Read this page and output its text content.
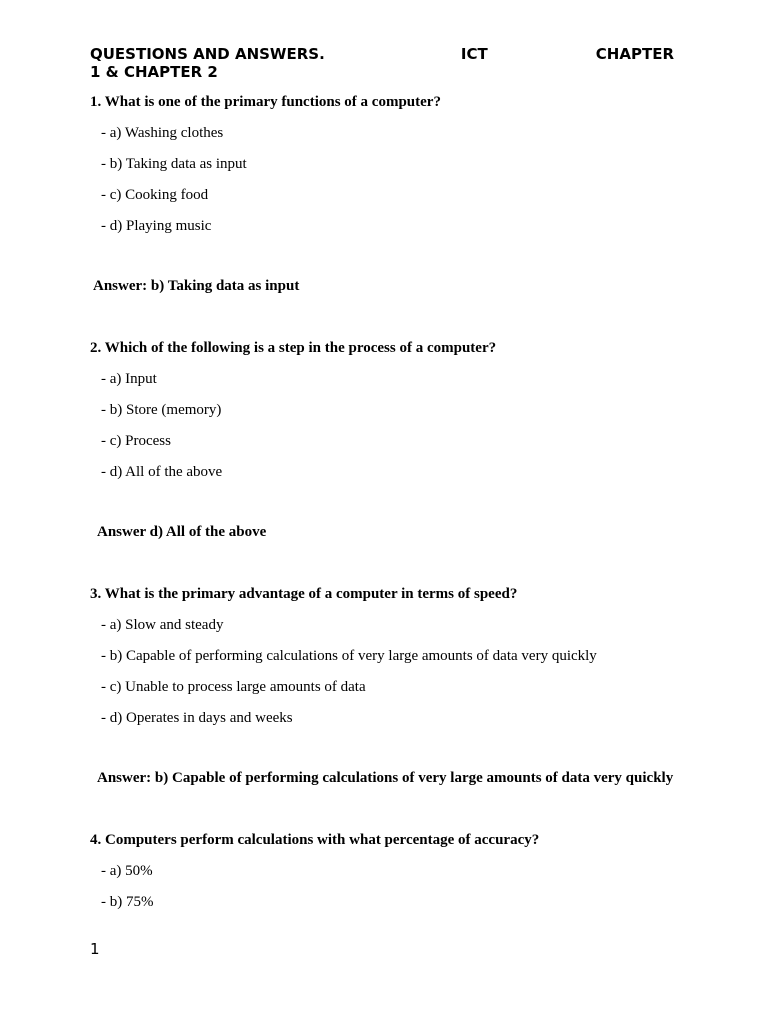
QUESTIONS AND ANSWERS.	ICT	CHAPTER
1 & CHAPTER 2
1. What is one of the primary functions of a computer?
- a) Washing clothes
- b) Taking data as input
- c) Cooking food
- d) Playing music
Answer: b) Taking data as input
2. Which of the following is a step in the process of a computer?
- a) Input
- b) Store (memory)
- c) Process
- d) All of the above
Answer d) All of the above
3. What is the primary advantage of a computer in terms of speed?
- a) Slow and steady
- b) Capable of performing calculations of very large amounts of data very quickly
- c) Unable to process large amounts of data
- d) Operates in days and weeks
Answer: b) Capable of performing calculations of very large amounts of data very quickly
4. Computers perform calculations with what percentage of accuracy?
- a) 50%
- b) 75%
1
